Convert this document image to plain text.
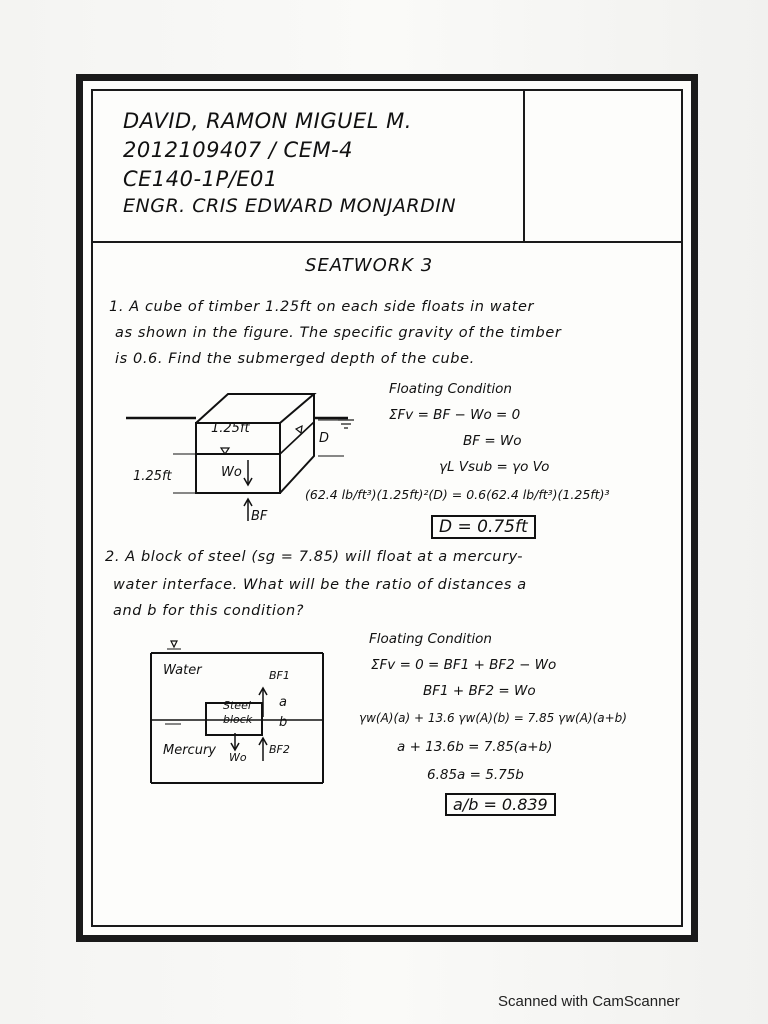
DAVID, RAMON MIGUEL M.
2012109407 / CEM-4
CE140-1P/E01
ENGR. CRIS EDWARD MONJARDIN
SEATWORK 3
1. A cube of timber 1.25ft on each side floats in water
as shown in the figure. The specific gravity of the timber
is 0.6. Find the submerged depth of the cube.
1.25ft
1.25ft
D
Wo
BF
Floating Condition
ΣFv = BF − Wo = 0
BF = Wo
γL Vsub = γo Vo
(62.4 lb/ft³)(1.25ft)²(D) = 0.6(62.4 lb/ft³)(1.25ft)³
D = 0.75ft
2. A block of steel (sg = 7.85) will float at a mercury-
water interface. What will be the ratio of distances a
and b for this condition?
Water
Mercury
Steel
block
a
b
BF1
BF2
Wo
Floating Condition
ΣFv = 0 = BF1 + BF2 − Wo
BF1 + BF2 = Wo
γw(A)(a) + 13.6 γw(A)(b) = 7.85 γw(A)(a+b)
a + 13.6b = 7.85(a+b)
6.85a = 5.75b
a/b = 0.839
Scanned with CamScanner
